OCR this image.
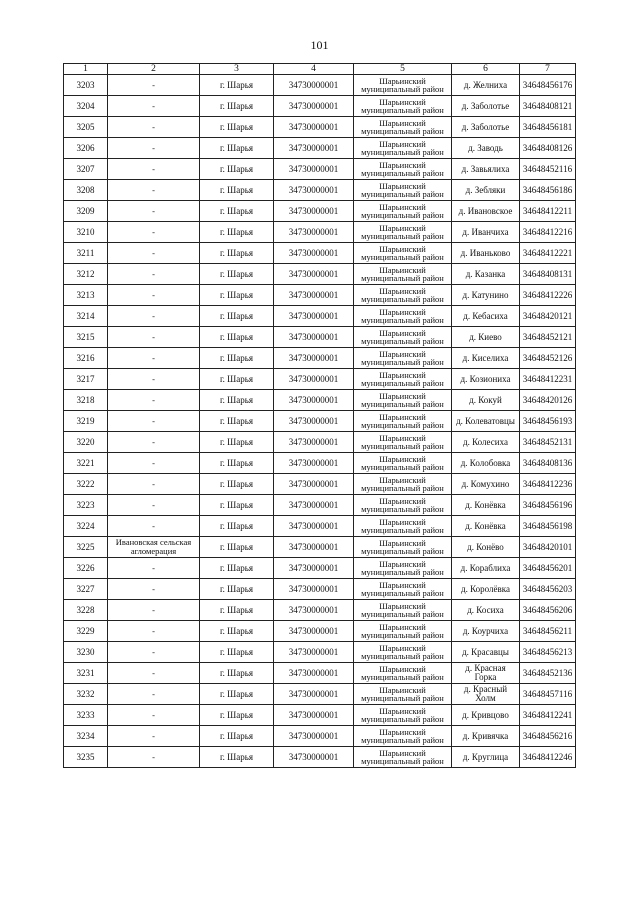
101
1	2	3	4	5	6	7
3203	-	г. Шарья	34730000001	Шарьинский муниципальный район	д. Желниха	34648456176
3204	-	г. Шарья	34730000001	Шарьинский муниципальный район	д. Заболотье	34648408121
3205	-	г. Шарья	34730000001	Шарьинский муниципальный район	д. Заболотье	34648456181
3206	-	г. Шарья	34730000001	Шарьинский муниципальный район	д. Заводь	34648408126
3207	-	г. Шарья	34730000001	Шарьинский муниципальный район	д. Завьялиха	34648452116
3208	-	г. Шарья	34730000001	Шарьинский муниципальный район	д. Зебляки	34648456186
3209	-	г. Шарья	34730000001	Шарьинский муниципальный район	д. Ивановское	34648412211
3210	-	г. Шарья	34730000001	Шарьинский муниципальный район	д. Иванчиха	34648412216
3211	-	г. Шарья	34730000001	Шарьинский муниципальный район	д. Иваньково	34648412221
3212	-	г. Шарья	34730000001	Шарьинский муниципальный район	д. Казанка	34648408131
3213	-	г. Шарья	34730000001	Шарьинский муниципальный район	д. Катунино	34648412226
3214	-	г. Шарья	34730000001	Шарьинский муниципальный район	д. Кебасиха	34648420121
3215	-	г. Шарья	34730000001	Шарьинский муниципальный район	д. Киево	34648452121
3216	-	г. Шарья	34730000001	Шарьинский муниципальный район	д. Киселиха	34648452126
3217	-	г. Шарья	34730000001	Шарьинский муниципальный район	д. Козиониха	34648412231
3218	-	г. Шарья	34730000001	Шарьинский муниципальный район	д. Кокуй	34648420126
3219	-	г. Шарья	34730000001	Шарьинский муниципальный район	д. Колеватовцы	34648456193
3220	-	г. Шарья	34730000001	Шарьинский муниципальный район	д. Колесиха	34648452131
3221	-	г. Шарья	34730000001	Шарьинский муниципальный район	д. Колобовка	34648408136
3222	-	г. Шарья	34730000001	Шарьинский муниципальный район	д. Комухино	34648412236
3223	-	г. Шарья	34730000001	Шарьинский муниципальный район	д. Конёвка	34648456196
3224	-	г. Шарья	34730000001	Шарьинский муниципальный район	д. Конёвка	34648456198
3225	Ивановская сельская агломерация	г. Шарья	34730000001	Шарьинский муниципальный район	д. Конёво	34648420101
3226	-	г. Шарья	34730000001	Шарьинский муниципальный район	д. Кораблиха	34648456201
3227	-	г. Шарья	34730000001	Шарьинский муниципальный район	д. Королёвка	34648456203
3228	-	г. Шарья	34730000001	Шарьинский муниципальный район	д. Косиха	34648456206
3229	-	г. Шарья	34730000001	Шарьинский муниципальный район	д. Коурчиха	34648456211
3230	-	г. Шарья	34730000001	Шарьинский муниципальный район	д. Красавцы	34648456213
3231	-	г. Шарья	34730000001	Шарьинский муниципальный район	д. Красная Горка	34648452136
3232	-	г. Шарья	34730000001	Шарьинский муниципальный район	д. Красный Холм	34648457116
3233	-	г. Шарья	34730000001	Шарьинский муниципальный район	д. Кривцово	34648412241
3234	-	г. Шарья	34730000001	Шарьинский муниципальный район	д. Кривячка	34648456216
3235	-	г. Шарья	34730000001	Шарьинский муниципальный район	д. Круглица	34648412246
